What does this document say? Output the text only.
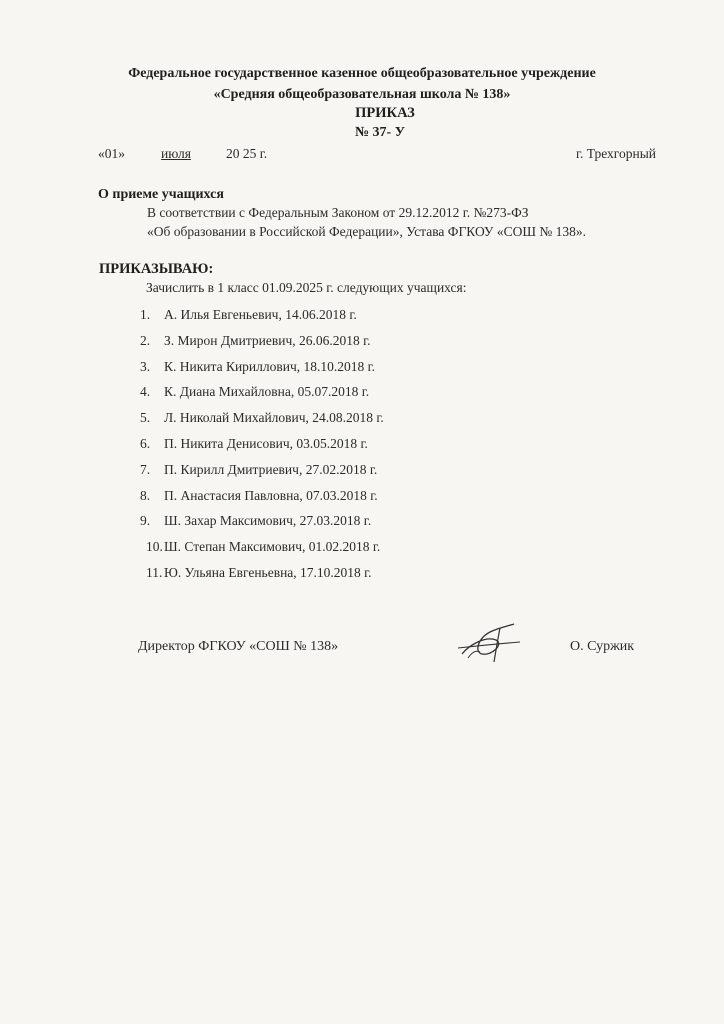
Федеральное государственное казенное общеобразовательное учреждение
«Средняя общеобразовательная школа № 138»
ПРИКАЗ
№ 37- У
«01»	июля	20 25 г.	г. Трехгорный
О приеме учащихся
В соответствии с Федеральным Законом от 29.12.2012 г. №273-ФЗ
«Об образовании в Российской Федерации», Устава ФГКОУ «СОШ № 138».
ПРИКАЗЫВАЮ:
Зачислить в 1 класс 01.09.2025 г. следующих учащихся:
1. А. Илья Евгеньевич, 14.06.2018 г.
2. З. Мирон Дмитриевич, 26.06.2018 г.
3. К. Никита Кириллович, 18.10.2018 г.
4. К. Диана Михайловна, 05.07.2018 г.
5. Л. Николай Михайлович, 24.08.2018 г.
6. П. Никита Денисович, 03.05.2018 г.
7. П. Кирилл Дмитриевич, 27.02.2018 г.
8. П. Анастасия Павловна, 07.03.2018 г.
9. Ш. Захар Максимович, 27.03.2018 г.
10.Ш. Степан Максимович, 01.02.2018 г.
11. Ю. Ульяна Евгеньевна, 17.10.2018 г.
Директор ФГКОУ «СОШ № 138»	О. Суржик
